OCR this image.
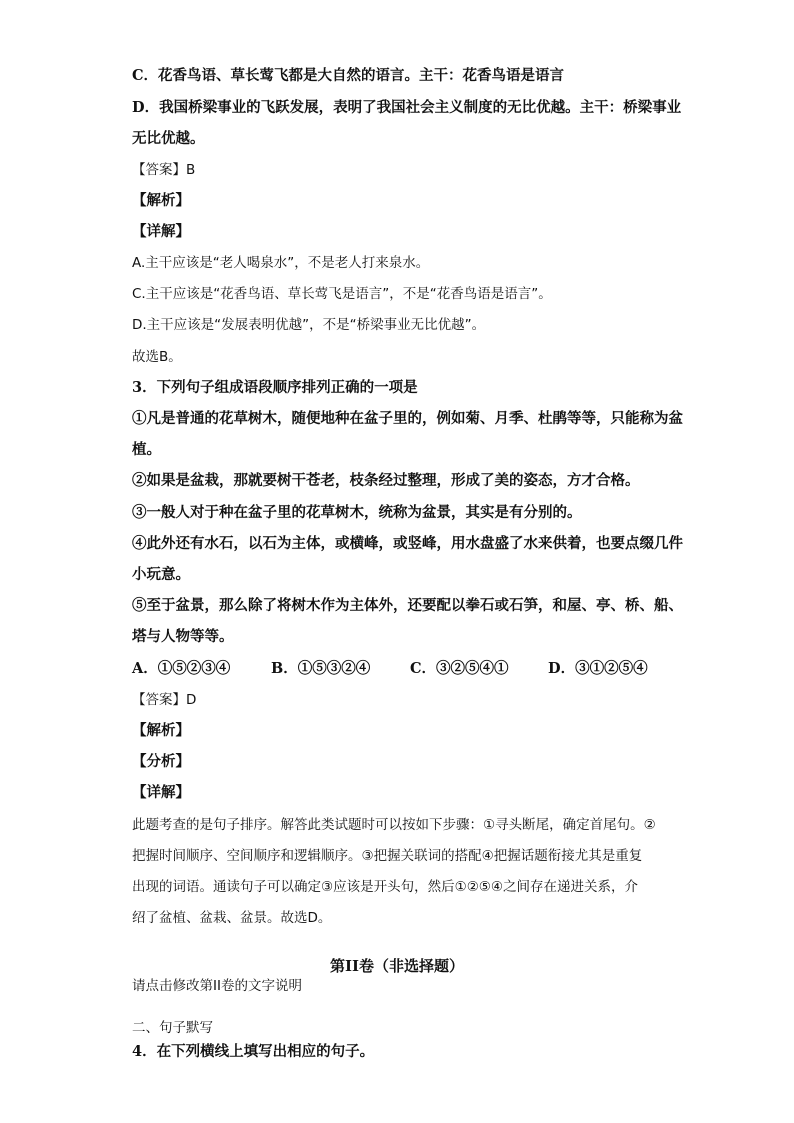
C．花香鸟语、草长莺飞都是大自然的语言。主干：花香鸟语是语言
D．我国桥梁事业的飞跃发展，表明了我国社会主义制度的无比优越。主干：桥梁事业
无比优越。
【答案】B
【解析】
【详解】
A.主干应该是“老人喝泉水”，不是老人打来泉水。
C.主干应该是“花香鸟语、草长莺飞是语言”，不是“花香鸟语是语言”。
D.主干应该是“发展表明优越”，不是“桥梁事业无比优越”。
故选B。
3．下列句子组成语段顺序排列正确的一项是
①凡是普通的花草树木，随便地种在盆子里的，例如菊、月季、杜鹃等等，只能称为盆
植。
②如果是盆栽，那就要树干苍老，枝条经过整理，形成了美的姿态，方才合格。
③一般人对于种在盆子里的花草树木，统称为盆景，其实是有分别的。
④此外还有水石，以石为主体，或横峰，或竖峰，用水盘盛了水来供着，也要点缀几件
小玩意。
⑤至于盆景，那么除了将树木作为主体外，还要配以拳石或石笋，和屋、亭、桥、船、
塔与人物等等。
A．①⑤②③④	B．①⑤③②④	C．③②⑤④①	D．③①②⑤④
【答案】D
【解析】
【分析】
【详解】
此题考查的是句子排序。解答此类试题时可以按如下步骤：①寻头断尾，确定首尾句。②
把握时间顺序、空间顺序和逻辑顺序。③把握关联词的搭配④把握话题衔接尤其是重复
出现的词语。通读句子可以确定③应该是开头句，然后①②⑤④之间存在递进关系，介
绍了盆植、盆栽、盆景。故选D。
第II卷（非选择题）
请点击修改第II卷的文字说明
二、句子默写
4．在下列横线上填写出相应的句子。
